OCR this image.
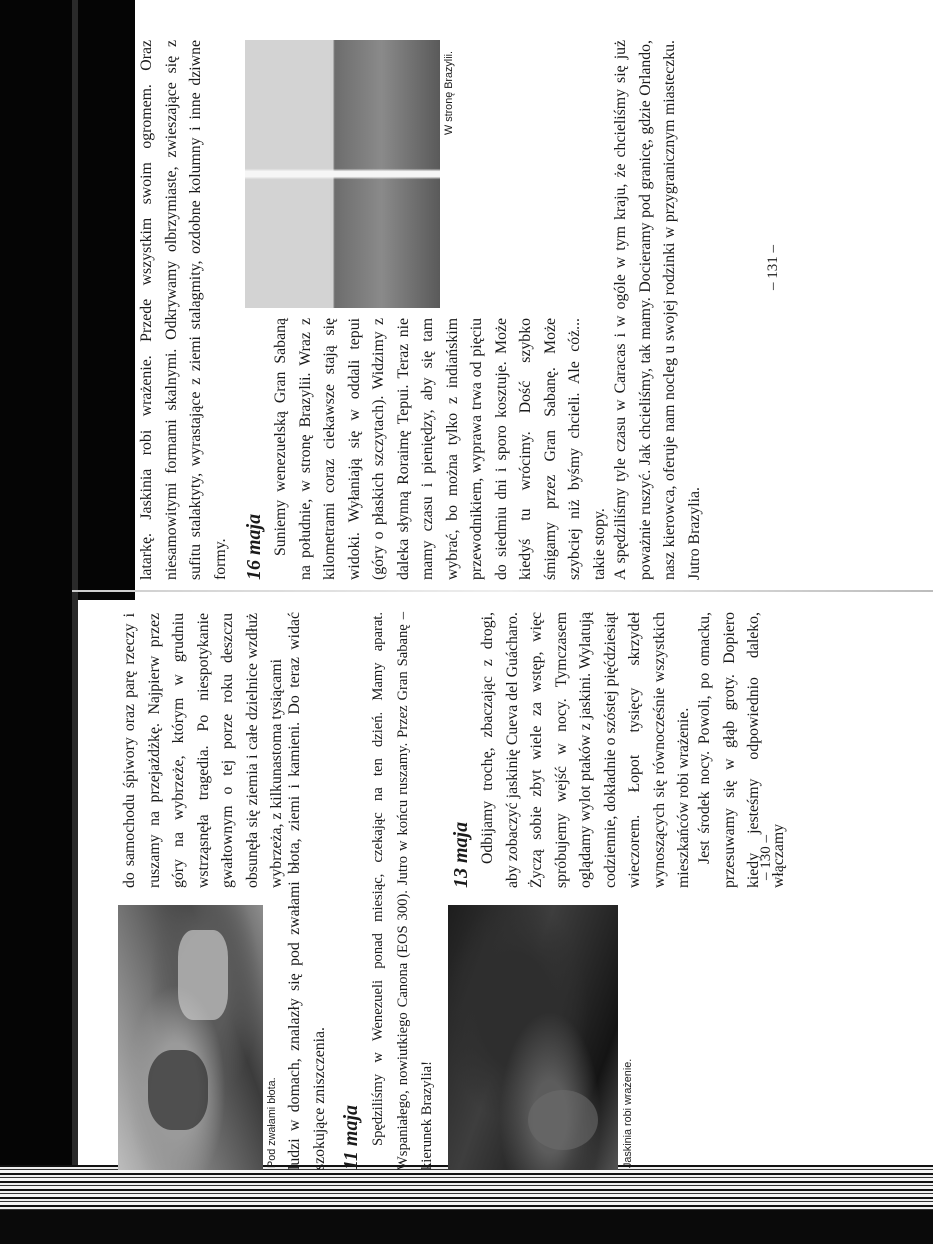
Pod zwałami błota.

do samochodu śpiwory oraz parę rzeczy i ruszamy na przejażdżkę. Najpierw przez góry na wybrzeże, którym w grudniu wstrząsnęła tragedia. Po niespotykanie gwałtownym o tej porze roku deszczu obsunęła się ziemia i całe dzielnice wzdłuż wybrzeża, z kilkunastoma tysiącami ludzi w domach, znalazły się pod zwałami błota, ziemi i kamieni. Do teraz widać szokujące zniszczenia. 11 maja Spędziliśmy w Wenezueli ponad miesiąc, czekając na ten dzień. Mamy aparat. Wspaniałego, nowiutkiego Canona (EOS 300). Jutro w końcu ruszamy. Przez Gran Sabanę – kierunek Brazylia!	Jaskinia robi wrażenie.
13 maja Odbijamy trochę, zbaczając z drogi, aby zobaczyć jaskinię Cueva del Guácharo. Życzą sobie zbyt wiele za wstęp, więc spróbujemy wejść w nocy. Tymczasem oglądamy wylot ptaków z jaskini. Wylatują codziennie, dokładnie o szóstej pięćdziesiąt wieczorem. Łopot tysięcy skrzydeł wynoszących się równocześnie wszystkich mieszkańców robi wrażenie. Jest środek nocy. Powoli, po omacku, przesuwamy się w głąb groty. Dopiero kiedy jesteśmy odpowiednio daleko, włączamy

– 130 –

latarkę. Jaskinia robi wrażenie. Przede wszystkim swoim ogromem. Oraz niesamowitymi formami skalnymi. Odkrywamy olbrzymiaste, zwieszające się z sufitu stalaktyty, wyrastające z ziemi stalagmity, ozdobne kolumny i inne dziwne formy. 16 maja Suniemy wenezuelską Gran Sabaną na południe, w stronę Brazylii. Wraz z kilometrami coraz ciekawsze stają się widoki. Wyłaniają się w oddali tepui (góry o płaskich szczytach). Widzimy z daleka słynną Roraimę Tepui. Teraz nie mamy czasu i pieniędzy, aby się tam wybrać, bo można tylko z indiańskim przewodnikiem, wyprawa trwa od pięciu do siedmiu dni i sporo kosztuje. Może kiedyś tu wrócimy. Dość szybko śmigamy przez Gran Sabanę. Może szybciej niż byśmy chcieli. Ale cóż... takie stopy.

W stronę Brazylii.	A spędziliśmy tyle czasu w Caracas i w ogóle w tym kraju, że chcieliśmy się już poważnie ruszyć. Jak chcieliśmy, tak mamy. Docieramy pod granicę, gdzie Orlando, nasz kierowca, oferuje nam nocleg u swojej rodzinki w przygranicznym miasteczku. Jutro Brazylia.

– 131 –
